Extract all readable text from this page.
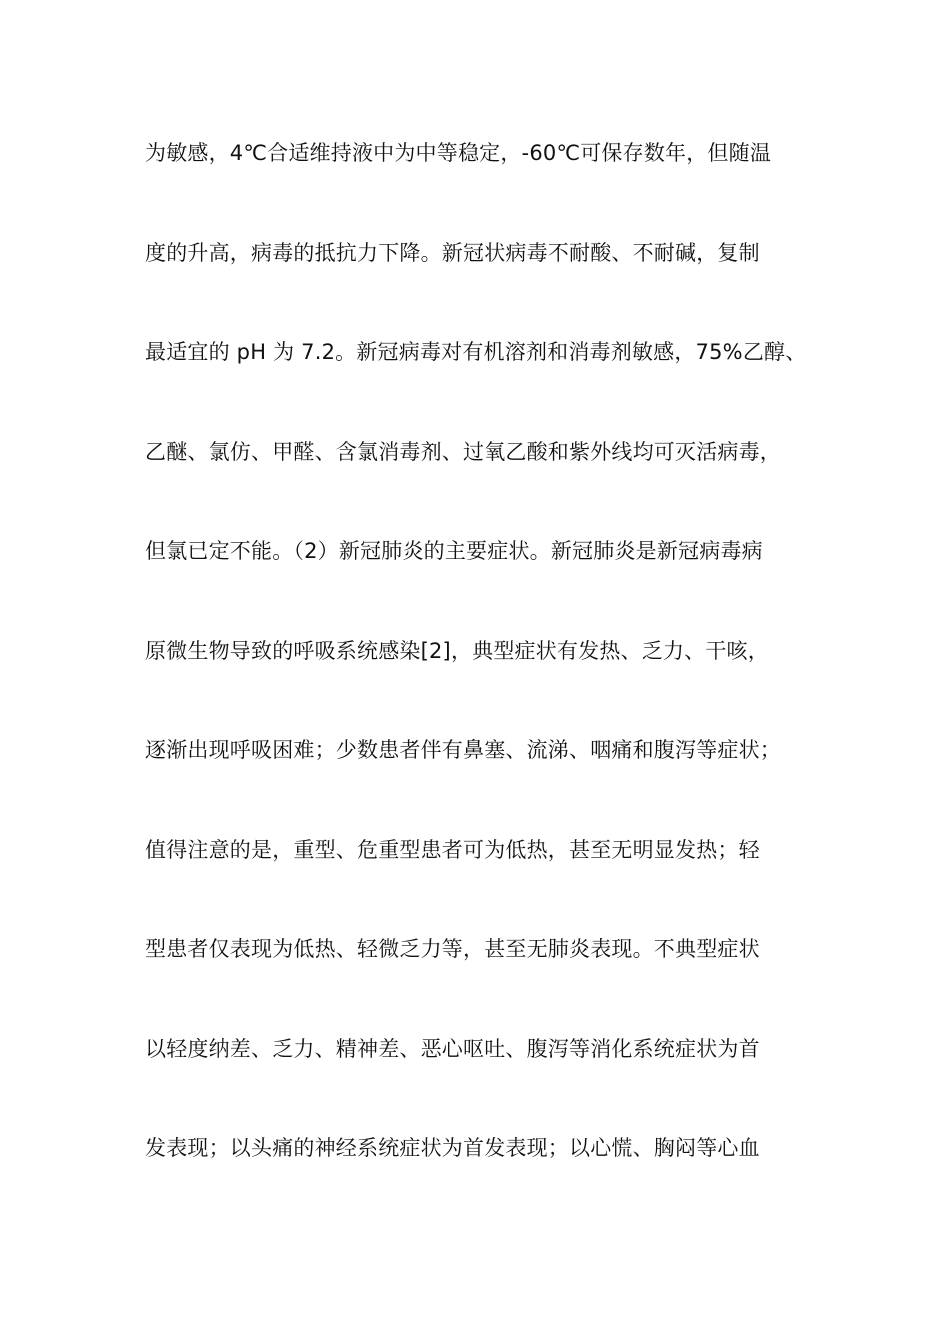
为敏感，4℃合适维持液中为中等稳定，-60℃可保存数年，但随温
度的升高，病毒的抵抗力下降。新冠状病毒不耐酸、不耐碱，复制
最适宜的 pH 为 7.2。新冠病毒对有机溶剂和消毒剂敏感，75%乙醇、
乙醚、氯仿、甲醛、含氯消毒剂、过氧乙酸和紫外线均可灭活病毒，
但氯已定不能。（2）新冠肺炎的主要症状。新冠肺炎是新冠病毒病
原微生物导致的呼吸系统感染[2]，典型症状有发热、乏力、干咳，
逐渐出现呼吸困难；少数患者伴有鼻塞、流涕、咽痛和腹泻等症状；
值得注意的是，重型、危重型患者可为低热，甚至无明显发热；轻
型患者仅表现为低热、轻微乏力等，甚至无肺炎表现。不典型症状
以轻度纳差、乏力、精神差、恶心呕吐、腹泻等消化系统症状为首
发表现；以头痛的神经系统症状为首发表现；以心慌、胸闷等心血
